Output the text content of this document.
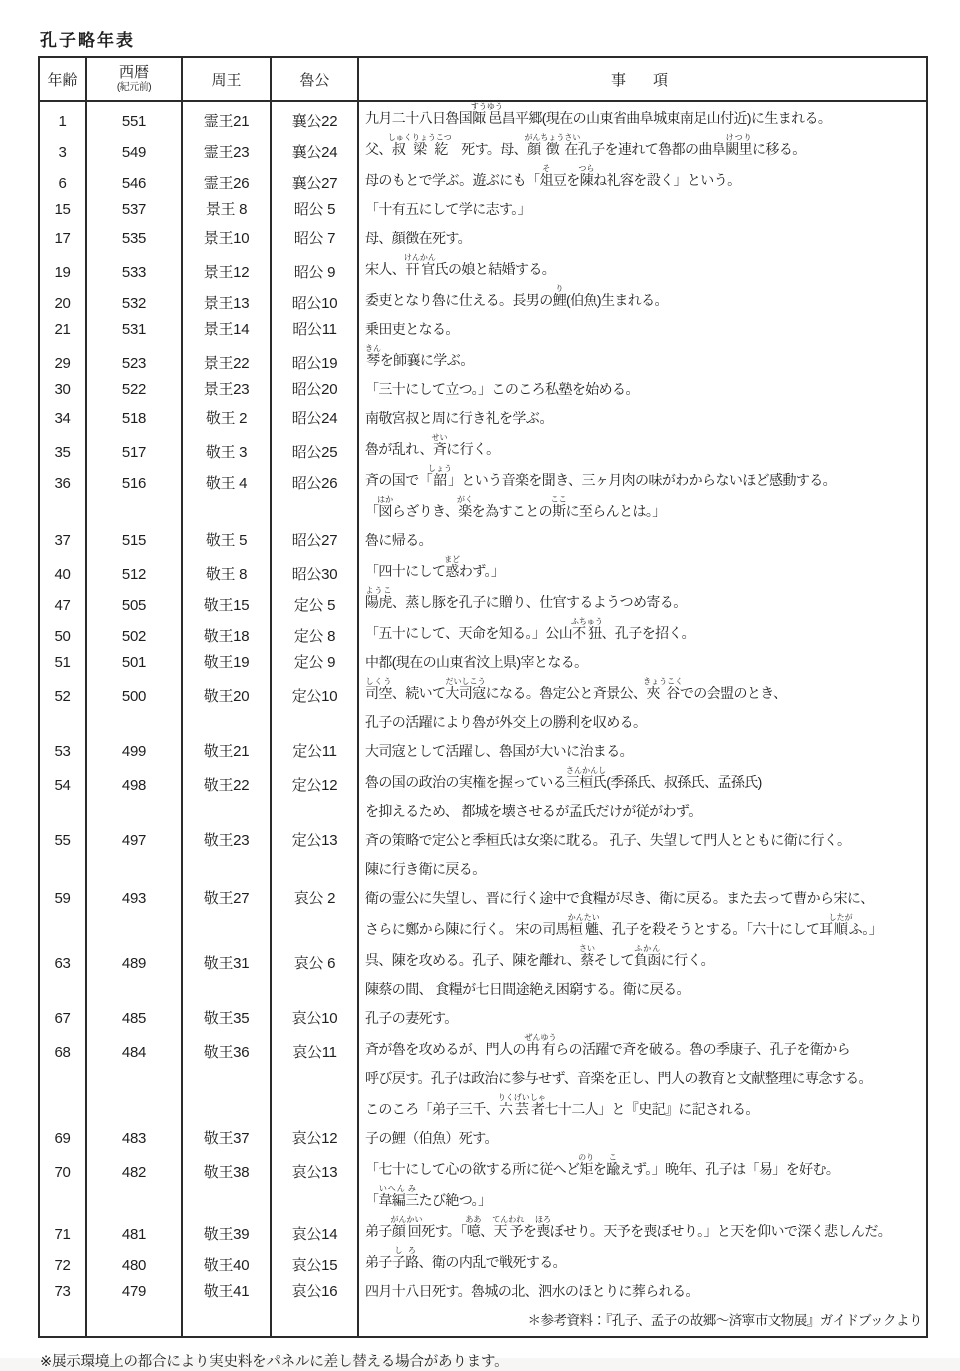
孔子略年表
年齢	西暦
(紀元前)	周王	魯公	事　項
1	551	霊王21	襄公22	九月二十八日魯国陬邑すうゆう昌平郷(現在の山東省曲阜城東南足山付近)に生まれる。

3	549	霊王23	襄公24	父、叔梁紇しゅくりょうこつ　死す。母、顔徴在がんちょうさい孔子を連れて魯都の曲阜闕里けつりに移る。

6	546	霊王26	襄公27	母のもとで学ぶ。遊ぶにも「俎そ豆を陳つらね礼容を設く」という。

15	537	景王 8	昭公 5	「十有五にして学に志す。」

17	535	景王10	昭公 7	母、顔徴在死す。

19	533	景王12	昭公 9	宋人、幵官けんかん氏の娘と結婚する。

20	532	景王13	昭公10	委吏となり魯に仕える。長男の鯉り(伯魚)生まれる。

21	531	景王14	昭公11	乗田吏となる。

29	523	景王22	昭公19	琴きんを師襄に学ぶ。

30	522	景王23	昭公20	「三十にして立つ。」このころ私塾を始める。

34	518	敬王 2	昭公24	南敬宮叔と周に行き礼を学ぶ。

35	517	敬王 3	昭公25	魯が乱れ、斉せいに行く。

36	516	敬王 4	昭公26	斉の国で「韶しょう」という音楽を聞き、三ヶ月肉の味がわからないほど感動する。
「図はからざりき、楽がくを為すことの斯ここに至らんとは。」

37	515	敬王 5	昭公27	魯に帰る。

40	512	敬王 8	昭公30	「四十にして惑まどわず。」

47	505	敬王15	定公 5	陽虎ようこ、蒸し豚を孔子に贈り、仕官するようつめ寄る。

50	502	敬王18	定公 8	「五十にして、天命を知る。」公山不狃ふちゅう、孔子を招く。

51	501	敬王19	定公 9	中都(現在の山東省汶上県)宰となる。

52	500	敬王20	定公10	司空しくう、続いて大司寇だいしこうになる。魯定公と斉景公、夾谷きょうこくでの会盟のとき、
孔子の活躍により魯が外交上の勝利を収める。

53	499	敬王21	定公11	大司寇として活躍し、魯国が大いに治まる。

54	498	敬王22	定公12	魯の国の政治の実権を握っている三桓氏さんかんし(季孫氏、叔孫氏、孟孫氏)
を抑えるため、 都城を壊させるが孟氏だけが従がわず。

55	497	敬王23	定公13	斉の策略で定公と季桓氏は女楽に耽る。 孔子、失望して門人とともに衛に行く。
陳に行き衛に戻る。

59	493	敬王27	哀公 2	衛の霊公に失望し、晋に行く途中で食糧が尽き、衛に戻る。また去って曹から宋に、
さらに鄭から陳に行く。 宋の司馬桓魋かんたい、孔子を殺そうとする。「六十にして耳順したがふ。」

63	489	敬王31	哀公 6	呉、陳を攻める。孔子、陳を離れ、蔡さいそして負函ふかんに行く。
陳蔡の間、 食糧が七日間途絶え困窮する。衛に戻る。

67	485	敬王35	哀公10	孔子の妻死す。

68	484	敬王36	哀公11	斉が魯を攻めるが、門人の冉有ぜんゆうらの活躍で斉を破る。魯の季康子、孔子を衛から
呼び戻す。孔子は政治に参与せず、音楽を正し、門人の教育と文献整理に専念する。
このころ「弟子三千、六芸者りくげいしゃ七十二人」と『史記』に記される。

69	483	敬王37	哀公12	子の鯉（伯魚）死す。

70	482	敬王38	哀公13	「七十にして心の欲する所に従へど矩のりを踰こえず。」晩年、孔子は「易」を好む。
「韋編いへん三みたび絶つ。」

71	481	敬王39	哀公14	弟子顔回がんかい死す。「噫ああ、天予てんわれを喪ほろぼせり。天予を喪ぼせり。」と天を仰いで深く悲しんだ。

72	480	敬王40	哀公15	弟子子路しろ、衛の内乱で戦死する。

73	479	敬王41	哀公16	四月十八日死す。魯城の北、泗水のほとりに葬られる。

				＊参考資料：『孔子、孟子の故郷～済寧市文物展』ガイドブックより

※展示環境上の都合により実史料をパネルに差し替える場合があります。
